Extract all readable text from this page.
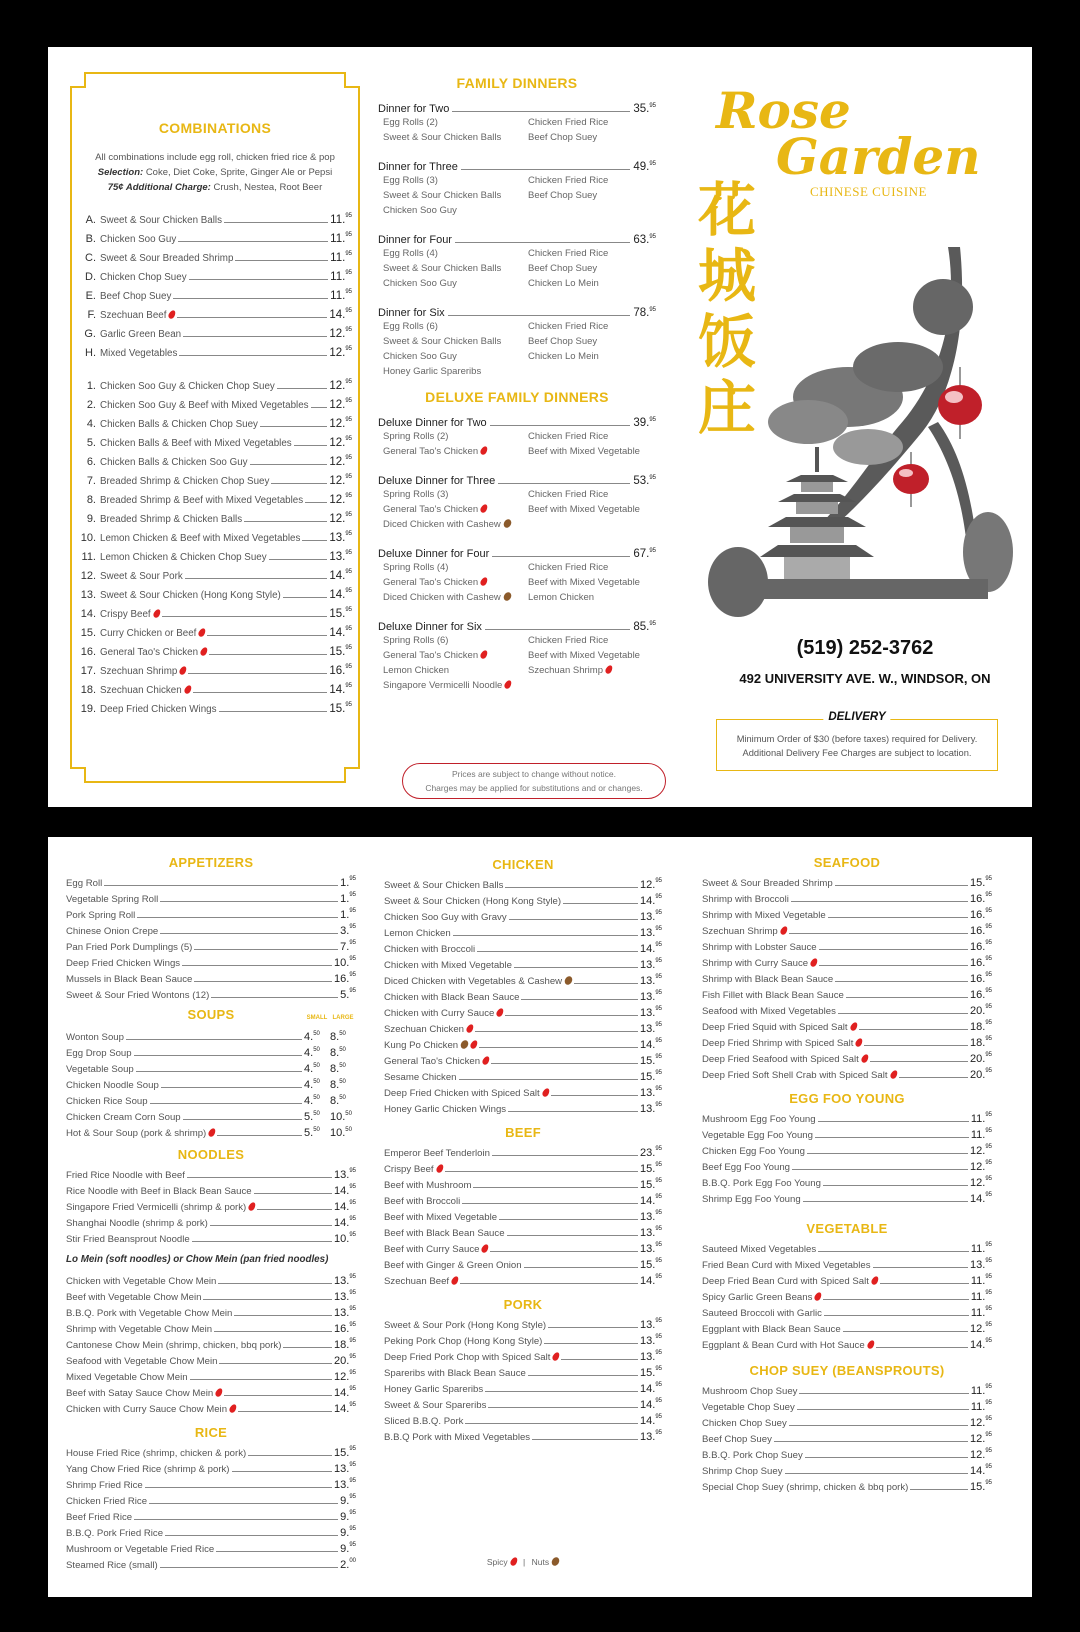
COMBINATIONS
All combinations include egg roll, chicken fried rice & pop
Selection: Coke, Diet Coke, Sprite, Ginger Ale or Pepsi
75¢ Additional Charge: Crush, Nestea, Root Beer
A. Sweet & Sour Chicken Balls	11.95
B. Chicken Soo Guy	11.95
C. Sweet & Sour Breaded Shrimp	11.95
D. Chicken Chop Suey	11.95
E. Beef Chop Suey	11.95
F. Szechuan Beef	14.95
G. Garlic Green Bean	12.95
H. Mixed Vegetables	12.95
1. Chicken Soo Guy & Chicken Chop Suey	12.95
2. Chicken Soo Guy & Beef with Mixed Vegetables 12.95
4. Chicken Balls & Chicken Chop Suey	12.95
5. Chicken Balls & Beef with Mixed Vegetables	12.95
6. Chicken Balls & Chicken Soo Guy	12.95
7. Breaded Shrimp & Chicken Chop Suey	12.95
8. Breaded Shrimp & Beef with Mixed Vegetables 12.95
9. Breaded Shrimp & Chicken Balls	12.95
10. Lemon Chicken & Beef with Mixed Vegetables	13.95
11. Lemon Chicken & Chicken Chop Suey	13.95
12. Sweet & Sour Pork	14.95
13. Sweet & Sour Chicken (Hong Kong Style)	14.95
14. Crispy Beef	15.95
15. Curry Chicken or Beef	14.95
16. General Tao's Chicken	15.95
17. Szechuan Shrimp	16.95
18. Szechuan Chicken	14.95
19. Deep Fried Chicken Wings	15.95
FAMILY DINNERS
Dinner for Two	35.95
Egg Rolls (2)	Chicken Fried Rice
Sweet & Sour Chicken Balls	Beef Chop Suey
Dinner for Three	49.95
Egg Rolls (3)	Chicken Fried Rice
Sweet & Sour Chicken Balls	Beef Chop Suey
Chicken Soo Guy
Dinner for Four	63.95
Egg Rolls (4)	Chicken Fried Rice
Sweet & Sour Chicken Balls	Beef Chop Suey
Chicken Soo Guy	Chicken Lo Mein
Dinner for Six	78.95
Egg Rolls (6)	Chicken Fried Rice
Sweet & Sour Chicken Balls	Beef Chop Suey
Chicken Soo Guy	Chicken Lo Mein
Honey Garlic Spareribs
DELUXE FAMILY DINNERS
Deluxe Dinner for Two	39.95
Spring Rolls (2)	Chicken Fried Rice
General Tao's Chicken	Beef with Mixed Vegetable
Deluxe Dinner for Three	53.95
Spring Rolls (3)	Chicken Fried Rice
General Tao's Chicken	Beef with Mixed Vegetable
Diced Chicken with Cashew
Deluxe Dinner for Four	67.95
Spring Rolls (4)	Chicken Fried Rice
General Tao's Chicken	Beef with Mixed Vegetable
Diced Chicken with Cashew	Lemon Chicken
Deluxe Dinner for Six	85.95
Spring Rolls (6)	Chicken Fried Rice
General Tao's Chicken	Beef with Mixed Vegetable
Lemon Chicken	Szechuan Shrimp
Singapore Vermicelli Noodle
Prices are subject to change without notice.
Charges may be applied for substitutions and or changes.
花
城
饭
庄
Rose
Garden
CHINESE CUISINE
(519) 252-3762
492 UNIVERSITY AVE. W., WINDSOR, ON
DELIVERY
Minimum Order of $30 (before taxes) required for Delivery.
Additional Delivery Fee Charges are subject to location.
APPETIZERS
Egg Roll	1.95
Vegetable Spring Roll	1.95
Pork Spring Roll	1.95
Chinese Onion Crepe	3.95
Pan Fried Pork Dumplings (5)	7.95
Deep Fried Chicken Wings	10.95
Mussels in Black Bean Sauce	16.95
Sweet & Sour Fried Wontons (12)	5.95
SOUPS	SMALL LARGE
Wonton Soup	4.50 8.50
Egg Drop Soup	4.50 8.50
Vegetable Soup	4.50 8.50
Chicken Noodle Soup	4.50 8.50
Chicken Rice Soup	4.50 8.50
Chicken Cream Corn Soup	5.50 10.50
Hot & Sour Soup (pork & shrimp)	5.50 10.50
NOODLES
Fried Rice Noodle with Beef	13.95
Rice Noodle with Beef in Black Bean Sauce	14.95
Singapore Fried Vermicelli (shrimp & pork)	14.95
Shanghai Noodle (shrimp & pork)	14.95
Stir Fried Beansprout Noodle	10.95
Lo Mein (soft noodles) or Chow Mein (pan fried noodles)
Chicken with Vegetable Chow Mein	13.95
Beef with Vegetable Chow Mein	13.95
B.B.Q. Pork with Vegetable Chow Mein	13.95
Shrimp with Vegetable Chow Mein	16.95
Cantonese Chow Mein (shrimp, chicken, bbq pork)	18.95
Seafood with Vegetable Chow Mein	20.95
Mixed Vegetable Chow Mein	12.95
Beef with Satay Sauce Chow Mein	14.95
Chicken with Curry Sauce Chow Mein	14.95
RICE
House Fried Rice (shrimp, chicken & pork)	15.95
Yang Chow Fried Rice (shrimp & pork)	13.95
Shrimp Fried Rice	13.95
Chicken Fried Rice	9.95
Beef Fried Rice	9.95
B.B.Q. Pork Fried Rice	9.95
Mushroom or Vegetable Fried Rice	9.95
Steamed Rice (small)	2.00
CHICKEN
Sweet & Sour Chicken Balls	12.95
Sweet & Sour Chicken (Hong Kong Style)	14.95
Chicken Soo Guy with Gravy	13.95
Lemon Chicken	13.95
Chicken with Broccoli	14.95
Chicken with Mixed Vegetable	13.95
Diced Chicken with Vegetables & Cashew	13.95
Chicken with Black Bean Sauce	13.95
Chicken with Curry Sauce	13.95
Szechuan Chicken	13.95
Kung Po Chicken	14.95
General Tao's Chicken	15.95
Sesame Chicken	15.95
Deep Fried Chicken with Spiced Salt	13.95
Honey Garlic Chicken Wings	13.95
BEEF
Emperor Beef Tenderloin	23.95
Crispy Beef	15.95
Beef with Mushroom	15.95
Beef with Broccoli	14.95
Beef with Mixed Vegetable	13.95
Beef with Black Bean Sauce	13.95
Beef with Curry Sauce	13.95
Beef with Ginger & Green Onion	15.95
Szechuan Beef	14.95
PORK
Sweet & Sour Pork (Hong Kong Style)	13.95
Peking Pork Chop (Hong Kong Style)	13.95
Deep Fried Pork Chop with Spiced Salt	13.95
Spareribs with Black Bean Sauce	15.95
Honey Garlic Spareribs	14.95
Sweet & Sour Spareribs	14.95
Sliced B.B.Q. Pork	14.95
B.B.Q Pork with Mixed Vegetables	13.95
Spicy | Nuts
SEAFOOD
Sweet & Sour Breaded Shrimp	15.95
Shrimp with Broccoli	16.95
Shrimp with Mixed Vegetable	16.95
Szechuan Shrimp	16.95
Shrimp with Lobster Sauce	16.95
Shrimp with Curry Sauce	16.95
Shrimp with Black Bean Sauce	16.95
Fish Fillet with Black Bean Sauce	16.95
Seafood with Mixed Vegetables	20.95
Deep Fried Squid with Spiced Salt	18.95
Deep Fried Shrimp with Spiced Salt	18.95
Deep Fried Seafood with Spiced Salt	20.95
Deep Fried Soft Shell Crab with Spiced Salt	20.95
EGG FOO YOUNG
Mushroom Egg Foo Young	11.95
Vegetable Egg Foo Young	11.95
Chicken Egg Foo Young	12.95
Beef Egg Foo Young	12.95
B.B.Q. Pork Egg Foo Young	12.95
Shrimp Egg Foo Young	14.95
VEGETABLE
Sauteed Mixed Vegetables	11.95
Fried Bean Curd with Mixed Vegetables	13.95
Deep Fried Bean Curd with Spiced Salt	11.95
Spicy Garlic Green Beans	11.95
Sauteed Broccoli with Garlic	11.95
Eggplant with Black Bean Sauce	12.95
Eggplant & Bean Curd with Hot Sauce	14.95
CHOP SUEY (BEANSPROUTS)
Mushroom Chop Suey	11.95
Vegetable Chop Suey	11.95
Chicken Chop Suey	12.95
Beef Chop Suey	12.95
B.B.Q. Pork Chop Suey	12.95
Shrimp Chop Suey	14.95
Special Chop Suey (shrimp, chicken & bbq pork)	15.95
